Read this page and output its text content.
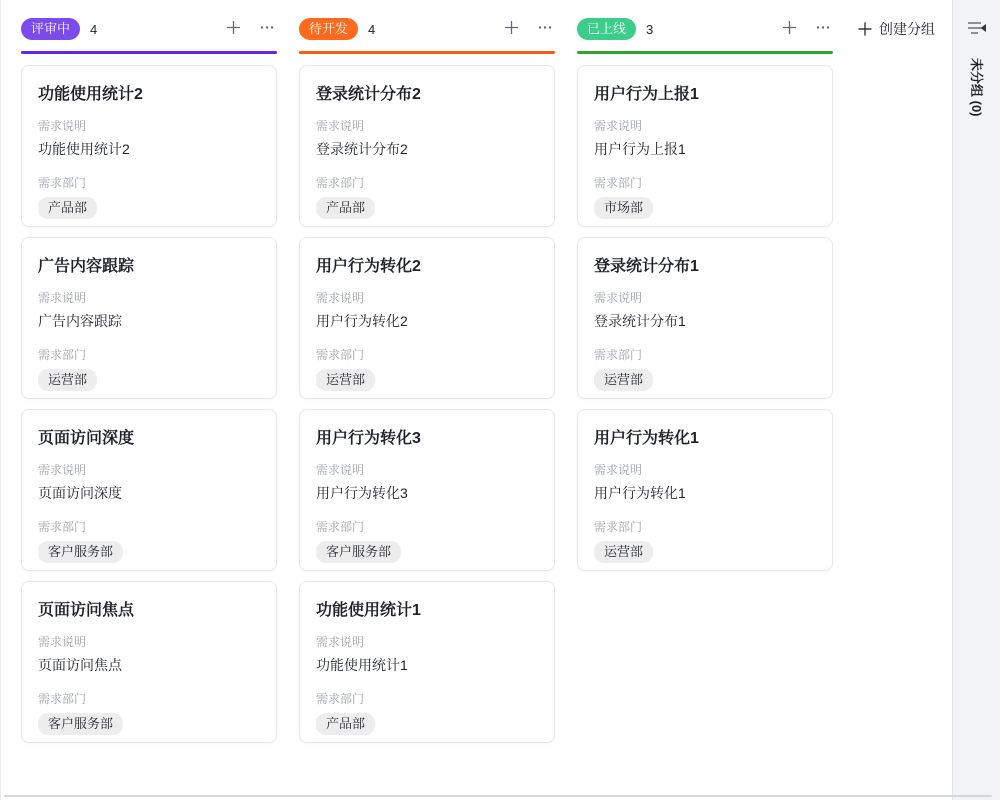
评审中	4
功能使用统计2
需求说明
功能使用统计2
需求部门
产品部
广告内容跟踪
需求说明
广告内容跟踪
需求部门
运营部
页面访问深度
需求说明
页面访问深度
需求部门
客户服务部
页面访问焦点
需求说明
页面访问焦点
需求部门
客户服务部
待开发	4
登录统计分布2
需求说明
登录统计分布2
需求部门
产品部
用户行为转化2
需求说明
用户行为转化2
需求部门
运营部
用户行为转化3
需求说明
用户行为转化3
需求部门
客户服务部
功能使用统计1
需求说明
功能使用统计1
需求部门
产品部
已上线	3
用户行为上报1
需求说明
用户行为上报1
需求部门
市场部
登录统计分布1
需求说明
登录统计分布1
需求部门
运营部
用户行为转化1
需求说明
用户行为转化1
需求部门
运营部
创建分组
未分组 (0)
